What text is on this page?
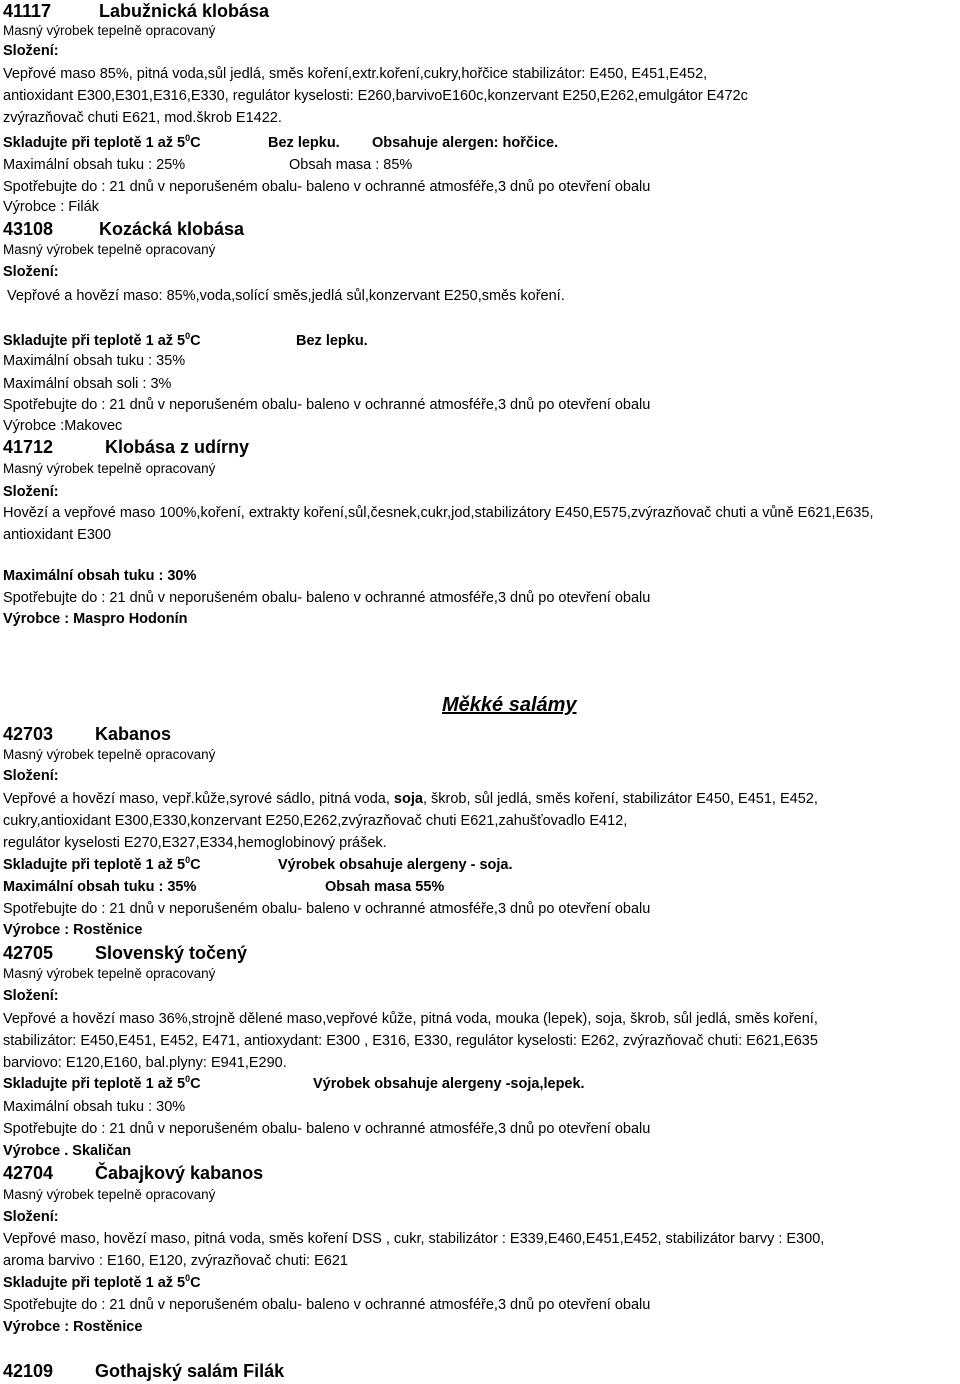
41117	Labužnická klobása
Masný výrobek tepelně opracovaný
Složení:
Vepřové maso 85%, pitná voda,sůl jedlá, směs koření,extr.koření,cukry,hořčice stabilizátor: E450, E451,E452,
antioxidant E300,E301,E316,E330, regulátor kyselosti: E260,barvivoE160c,konzervant E250,E262,emulgátor E472c
zvýrazňovač chuti E621, mod.škrob E1422.
Skladujte při teplotě 1 až $5^0C$	Bez lepku. Obsahuje alergen: hořčice.
Maximální obsah tuku : 25%	Obsah masa : 85%
Spotřebujte do : 21 dnů v neporušeném obalu- baleno v ochranné atmosféře,3 dnů po otevření obalu
Výrobce : Filák
43108	Kozácká klobása
Masný výrobek tepelně opracovaný
Složení:
Vepřové a hovězí maso: 85%,voda,solící směs,jedlá sůl,konzervant E250,směs koření.
Skladujte při teplotě 1 až $5^0C$	Bez lepku.
Maximální obsah tuku : 35%
Maximální obsah soli : 3%
Spotřebujte do : 21 dnů v neporušeném obalu- baleno v ochranné atmosféře,3 dnů po otevření obalu
Výrobce :Makovec
41712	Klobása z udírny
Masný výrobek tepelně opracovaný
Složení:
Hovězí a vepřové maso 100%,koření, extrakty koření,sůl,česnek,cukr,jod,stabilizátory E450,E575,zvýrazňovač chuti a vůně E621,E635,
antioxidant E300
Maximální obsah tuku : 30%
Spotřebujte do : 21 dnů v neporušeném obalu- baleno v ochranné atmosféře,3 dnů po otevření obalu
Výrobce : Maspro Hodonín
Měkké salámy
42703 Kabanos
Masný výrobek tepelně opracovaný
Složení:
Vepřové a hovězí maso, vepř.kůže,syrové sádlo, pitná voda, soja, škrob, sůl jedlá, směs koření, stabilizátor E450, E451, E452,
cukry,antioxidant E300,E330,konzervant E250,E262,zvýrazňovač chuti E621,zahušťovadlo E412,
regulátor kyselosti E270,E327,E334,hemoglobinový prášek.
Skladujte při teplotě 1 až $5^0C$	Výrobek obsahuje alergeny - soja.
Maximální obsah tuku : 35%	Obsah masa 55%
Spotřebujte do : 21 dnů v neporušeném obalu- baleno v ochranné atmosféře,3 dnů po otevření obalu
Výrobce : Rostěnice
42705 Slovenský točený
Masný výrobek tepelně opracovaný
Složení:
Vepřové a hovězí maso 36%,strojně dělené maso,vepřové kůže, pitná voda, mouka (lepek), soja, škrob, sůl jedlá, směs koření,
stabilizátor: E450,E451, E452, E471, antioxydant: E300 , E316, E330, regulátor kyselosti: E262, zvýrazňovač chuti: E621,E635
barviovo: E120,E160, bal.plyny: E941,E290.
Skladujte při teplotě 1 až $5^0C$	Výrobek obsahuje alergeny -soja,lepek.
Maximální obsah tuku : 30%
Spotřebujte do : 21 dnů v neporušeném obalu- baleno v ochranné atmosféře,3 dnů po otevření obalu
Výrobce . Skaličan
42704 Čabajkový kabanos
Masný výrobek tepelně opracovaný
Složení:
Vepřové maso, hovězí maso, pitná voda, směs koření DSS , cukr, stabilizátor : E339,E460,E451,E452, stabilizátor barvy : E300,
aroma barvivo : E160, E120, zvýrazňovač chuti: E621
Skladujte při teplotě 1 až $5^0C$
Spotřebujte do : 21 dnů v neporušeném obalu- baleno v ochranné atmosféře,3 dnů po otevření obalu
Výrobce : Rostěnice
42109 Gothajský salám Filák
